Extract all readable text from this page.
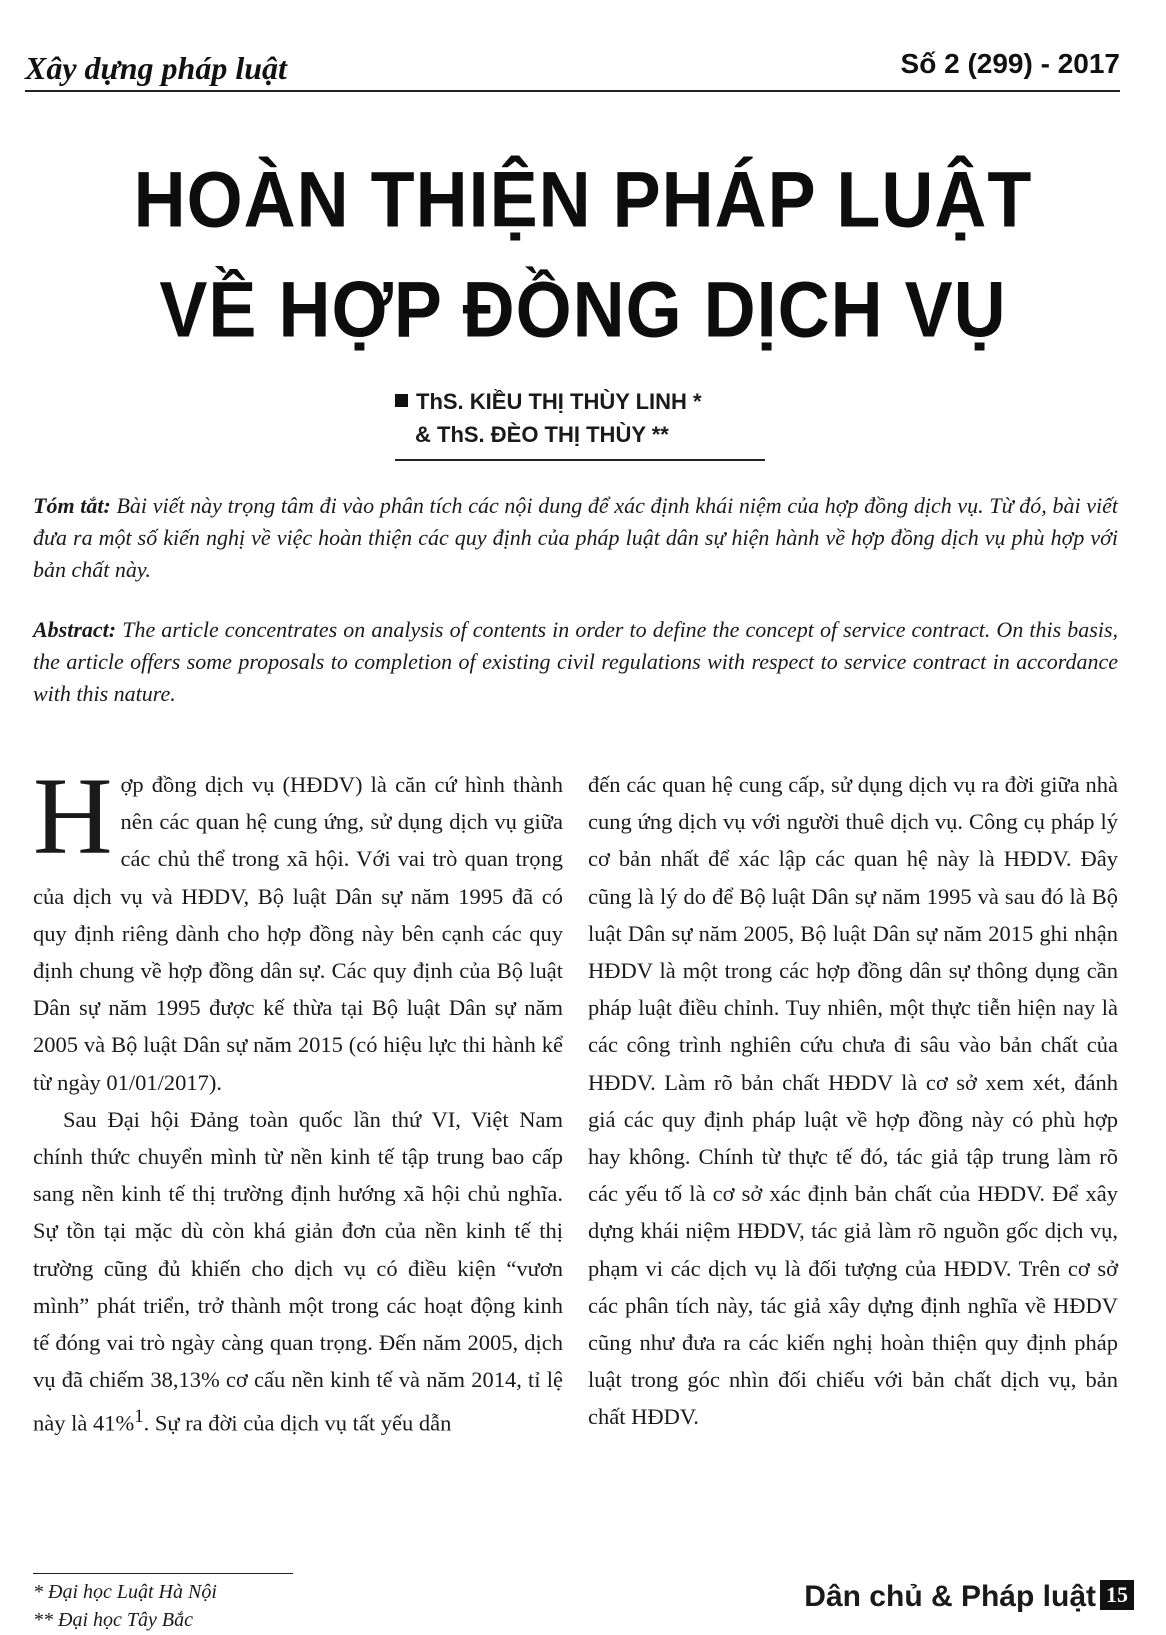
Xây dựng pháp luật	Số 2 (299) - 2017
HOÀN THIỆN PHÁP LUẬT
VỀ HỢP ĐỒNG DỊCH VỤ
ThS. KIỀU THỊ THÙY LINH *
& ThS. ĐÈO THỊ THÙY **
Tóm tắt: Bài viết này trọng tâm đi vào phân tích các nội dung để xác định khái niệm của hợp đồng dịch vụ. Từ đó, bài viết đưa ra một số kiến nghị về việc hoàn thiện các quy định của pháp luật dân sự hiện hành về hợp đồng dịch vụ phù hợp với bản chất này.
Abstract: The article concentrates on analysis of contents in order to define the concept of service contract. On this basis, the article offers some proposals to completion of existing civil regulations with respect to service contract in accordance with this nature.

Hợp đồng dịch vụ (HĐDV) là căn cứ hình thành nên các quan hệ cung ứng, sử dụng dịch vụ giữa các chủ thể trong xã hội. Với vai trò quan trọng của dịch vụ và HĐDV, Bộ luật Dân sự năm 1995 đã có quy định riêng dành cho hợp đồng này bên cạnh các quy định chung về hợp đồng dân sự. Các quy định của Bộ luật Dân sự năm 1995 được kế thừa tại Bộ luật Dân sự năm 2005 và Bộ luật Dân sự năm 2015 (có hiệu lực thi hành kể từ ngày 01/01/2017).

Sau Đại hội Đảng toàn quốc lần thứ VI, Việt Nam chính thức chuyển mình từ nền kinh tế tập trung bao cấp sang nền kinh tế thị trường định hướng xã hội chủ nghĩa. Sự tồn tại mặc dù còn khá giản đơn của nền kinh tế thị trường cũng đủ khiến cho dịch vụ có điều kiện “vươn mình” phát triển, trở thành một trong các hoạt động kinh tế đóng vai trò ngày càng quan trọng. Đến năm 2005, dịch vụ đã chiếm 38,13% cơ cấu nền kinh tế và năm 2014, tỉ lệ này là 41%$^1$. Sự ra đời của dịch vụ tất yếu dẫn

đến các quan hệ cung cấp, sử dụng dịch vụ ra đời giữa nhà cung ứng dịch vụ với người thuê dịch vụ. Công cụ pháp lý cơ bản nhất để xác lập các quan hệ này là HĐDV. Đây cũng là lý do để Bộ luật Dân sự năm 1995 và sau đó là Bộ luật Dân sự năm 2005, Bộ luật Dân sự năm 2015 ghi nhận HĐDV là một trong các hợp đồng dân sự thông dụng cần pháp luật điều chỉnh. Tuy nhiên, một thực tiễn hiện nay là các công trình nghiên cứu chưa đi sâu vào bản chất của HĐDV. Làm rõ bản chất HĐDV là cơ sở xem xét, đánh giá các quy định pháp luật về hợp đồng này có phù hợp hay không. Chính từ thực tế đó, tác giả tập trung làm rõ các yếu tố là cơ sở xác định bản chất của HĐDV. Để xây dựng khái niệm HĐDV, tác giả làm rõ nguồn gốc dịch vụ, phạm vi các dịch vụ là đối tượng của HĐDV. Trên cơ sở các phân tích này, tác giả xây dựng định nghĩa về HĐDV cũng như đưa ra các kiến nghị hoàn thiện quy định pháp luật trong góc nhìn đối chiếu với bản chất dịch vụ, bản chất HĐDV.

* Đại học Luật Hà Nội
** Đại học Tây Bắc
Dân chủ & Pháp luật 15
